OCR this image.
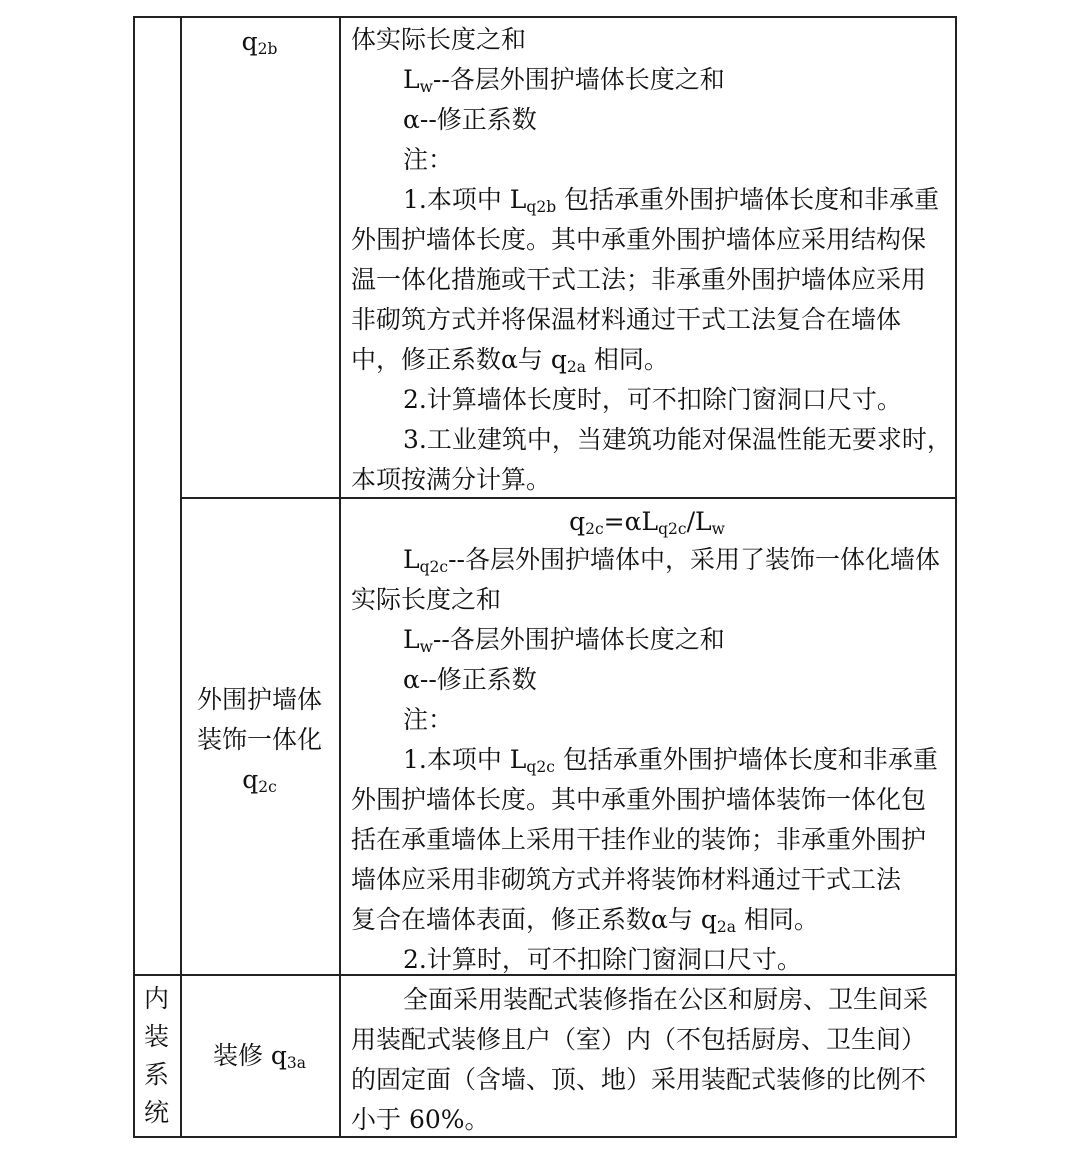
$q_{2b}$	体实际长度之和
$L_w--$各层外围护墙体长度之和
α--修正系数
注：
1.本项中 $L_{q2b}$ 包括承重外围护墙体长度和非承重
外围护墙体长度。其中承重外围护墙体应采用结构保
温一体化措施或干式工法；非承重外围护墙体应采用
非砌筑方式并将保温材料通过干式工法复合在墙体
中，修正系数α与 $q_{2a}$ 相同。
2.计算墙体长度时，可不扣除门窗洞口尺寸。
3.工业建筑中，当建筑功能对保温性能无要求时，
本项按满分计算。
外围护墙体
装饰一体化
$q_{2c}$
$q_{2c}=\alpha L_{q2c}/L_w$
$L_{q2c}--$各层外围护墙体中，采用了装饰一体化墙体
实际长度之和
$L_w--$各层外围护墙体长度之和
α--修正系数
注：
1.本项中 $L_{q2c}$ 包括承重外围护墙体长度和非承重
外围护墙体长度。其中承重外围护墙体装饰一体化包
括在承重墙体上采用干挂作业的装饰；非承重外围护
墙体应采用非砌筑方式并将装饰材料通过干式工法
复合在墙体表面，修正系数α与 $q_{2a}$ 相同。
2.计算时，可不扣除门窗洞口尺寸。
内
装
系
统
装修 $q_{3a}$
全面采用装配式装修指在公区和厨房、卫生间采
用装配式装修且户（室）内（不包括厨房、卫生间）
的固定面（含墙、顶、地）采用装配式装修的比例不
小于 60%。
